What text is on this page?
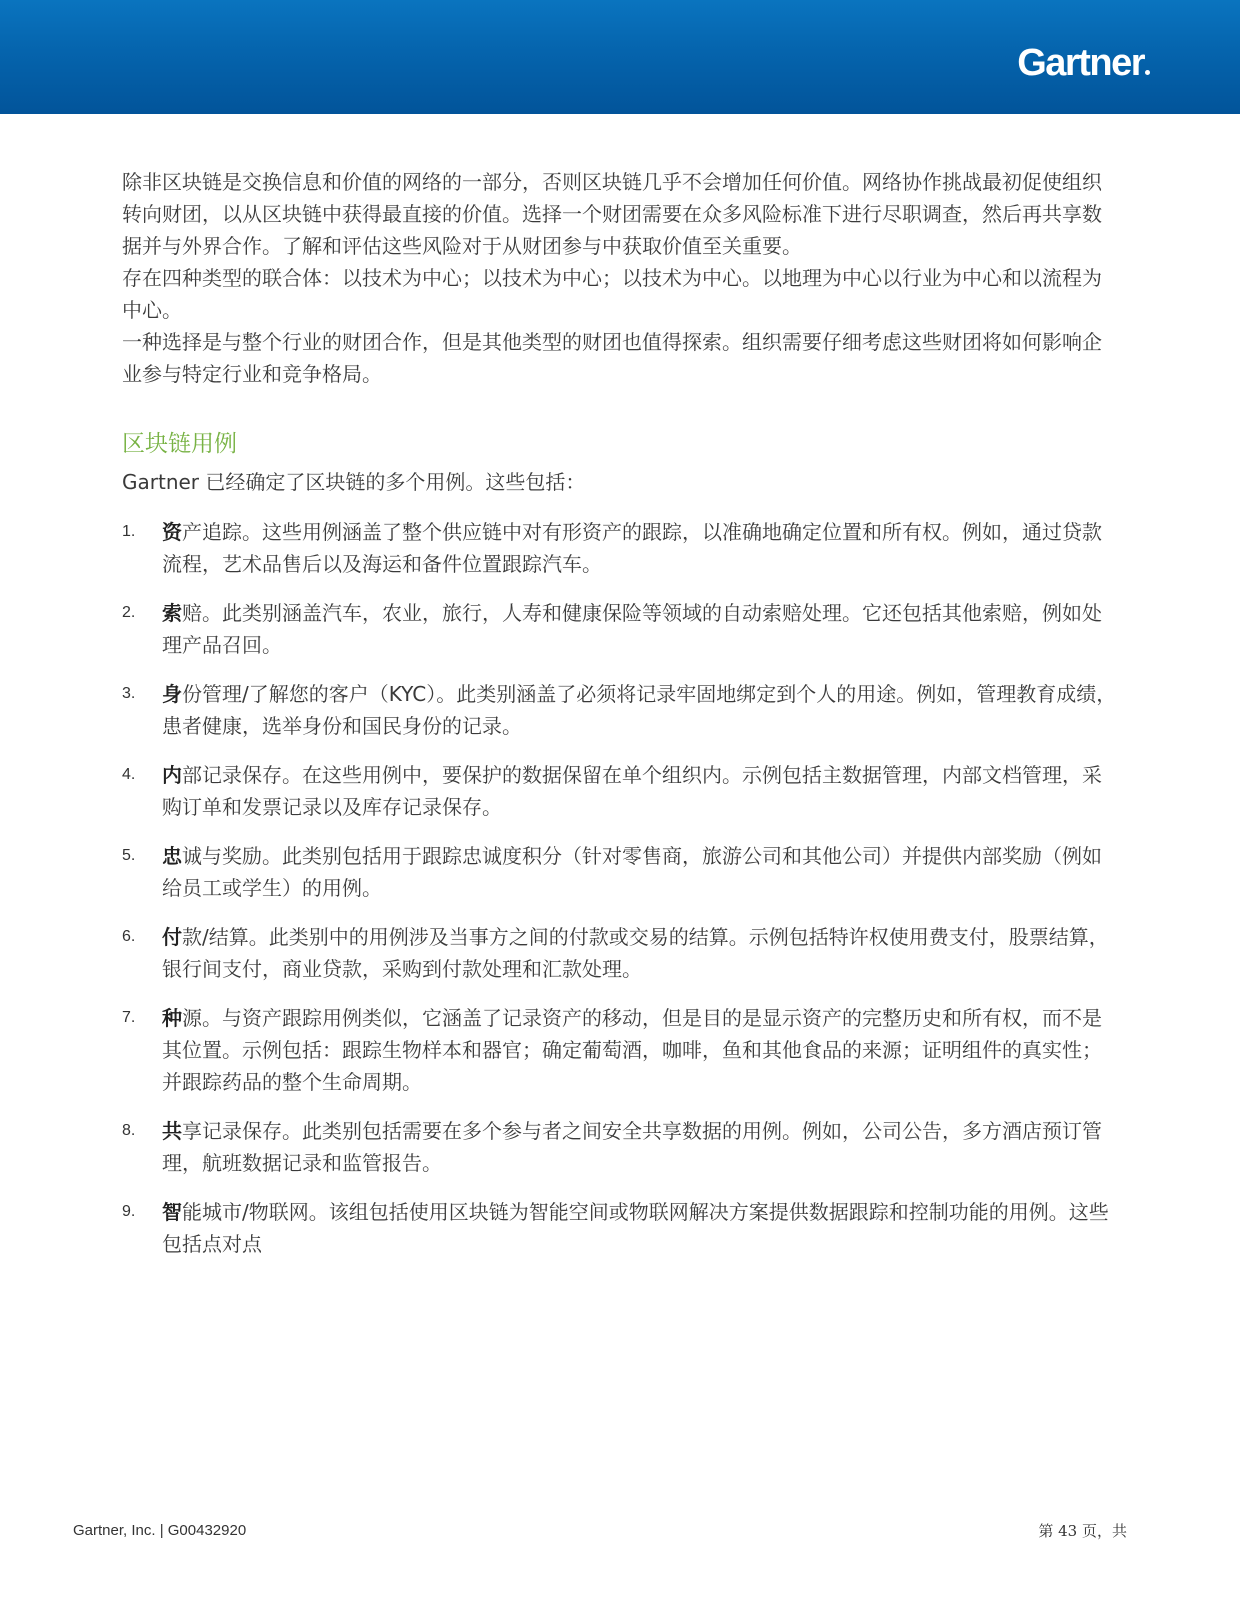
Gartner

除非区块链是交换信息和价值的网络的一部分，否则区块链几乎不会增加任何价值。网络协作挑战最初促使组织转向财团，以从区块链中获得最直接的价值。选择一个财团需要在众多风险标准下进行尽职调查，然后再共享数据并与外界合作。了解和评估这些风险对于从财团参与中获取价值至关重要。

存在四种类型的联合体：以技术为中心；以技术为中心；以技术为中心。以地理为中心以行业为中心和以流程为中心。

一种选择是与整个行业的财团合作，但是其他类型的财团也值得探索。组织需要仔细考虑这些财团将如何影响企业参与特定行业和竞争格局。

区块链用例

Gartner 已经确定了区块链的多个用例。这些包括：

1. 资产追踪。这些用例涵盖了整个供应链中对有形资产的跟踪，以准确地确定位置和所有权。例如，通过贷款流程，艺术品售后以及海运和备件位置跟踪汽车。
2. 索赔。此类别涵盖汽车，农业，旅行，人寿和健康保险等领域的自动索赔处理。它还包括其他索赔，例如处理产品召回。
3. 身份管理/了解您的客户（KYC）。此类别涵盖了必须将记录牢固地绑定到个人的用途。例如，管理教育成绩，患者健康，选举身份和国民身份的记录。
4. 内部记录保存。在这些用例中，要保护的数据保留在单个组织内。示例包括主数据管理，内部文档管理，采购订单和发票记录以及库存记录保存。
5. 忠诚与奖励。此类别包括用于跟踪忠诚度积分（针对零售商，旅游公司和其他公司）并提供内部奖励（例如给员工或学生）的用例。
6. 付款/结算。此类别中的用例涉及当事方之间的付款或交易的结算。示例包括特许权使用费支付，股票结算，银行间支付，商业贷款，采购到付款处理和汇款处理。
7. 种源。与资产跟踪用例类似，它涵盖了记录资产的移动，但是目的是显示资产的完整历史和所有权，而不是其位置。示例包括：跟踪生物样本和器官；确定葡萄酒，咖啡，鱼和其他食品的来源；证明组件的真实性；并跟踪药品的整个生命周期。
8. 共享记录保存。此类别包括需要在多个参与者之间安全共享数据的用例。例如，公司公告，多方酒店预订管理，航班数据记录和监管报告。
9. 智能城市/物联网。该组包括使用区块链为智能空间或物联网解决方案提供数据跟踪和控制功能的用例。这些包括点对点
Gartner, Inc. | G00432920	第 43 页，共
